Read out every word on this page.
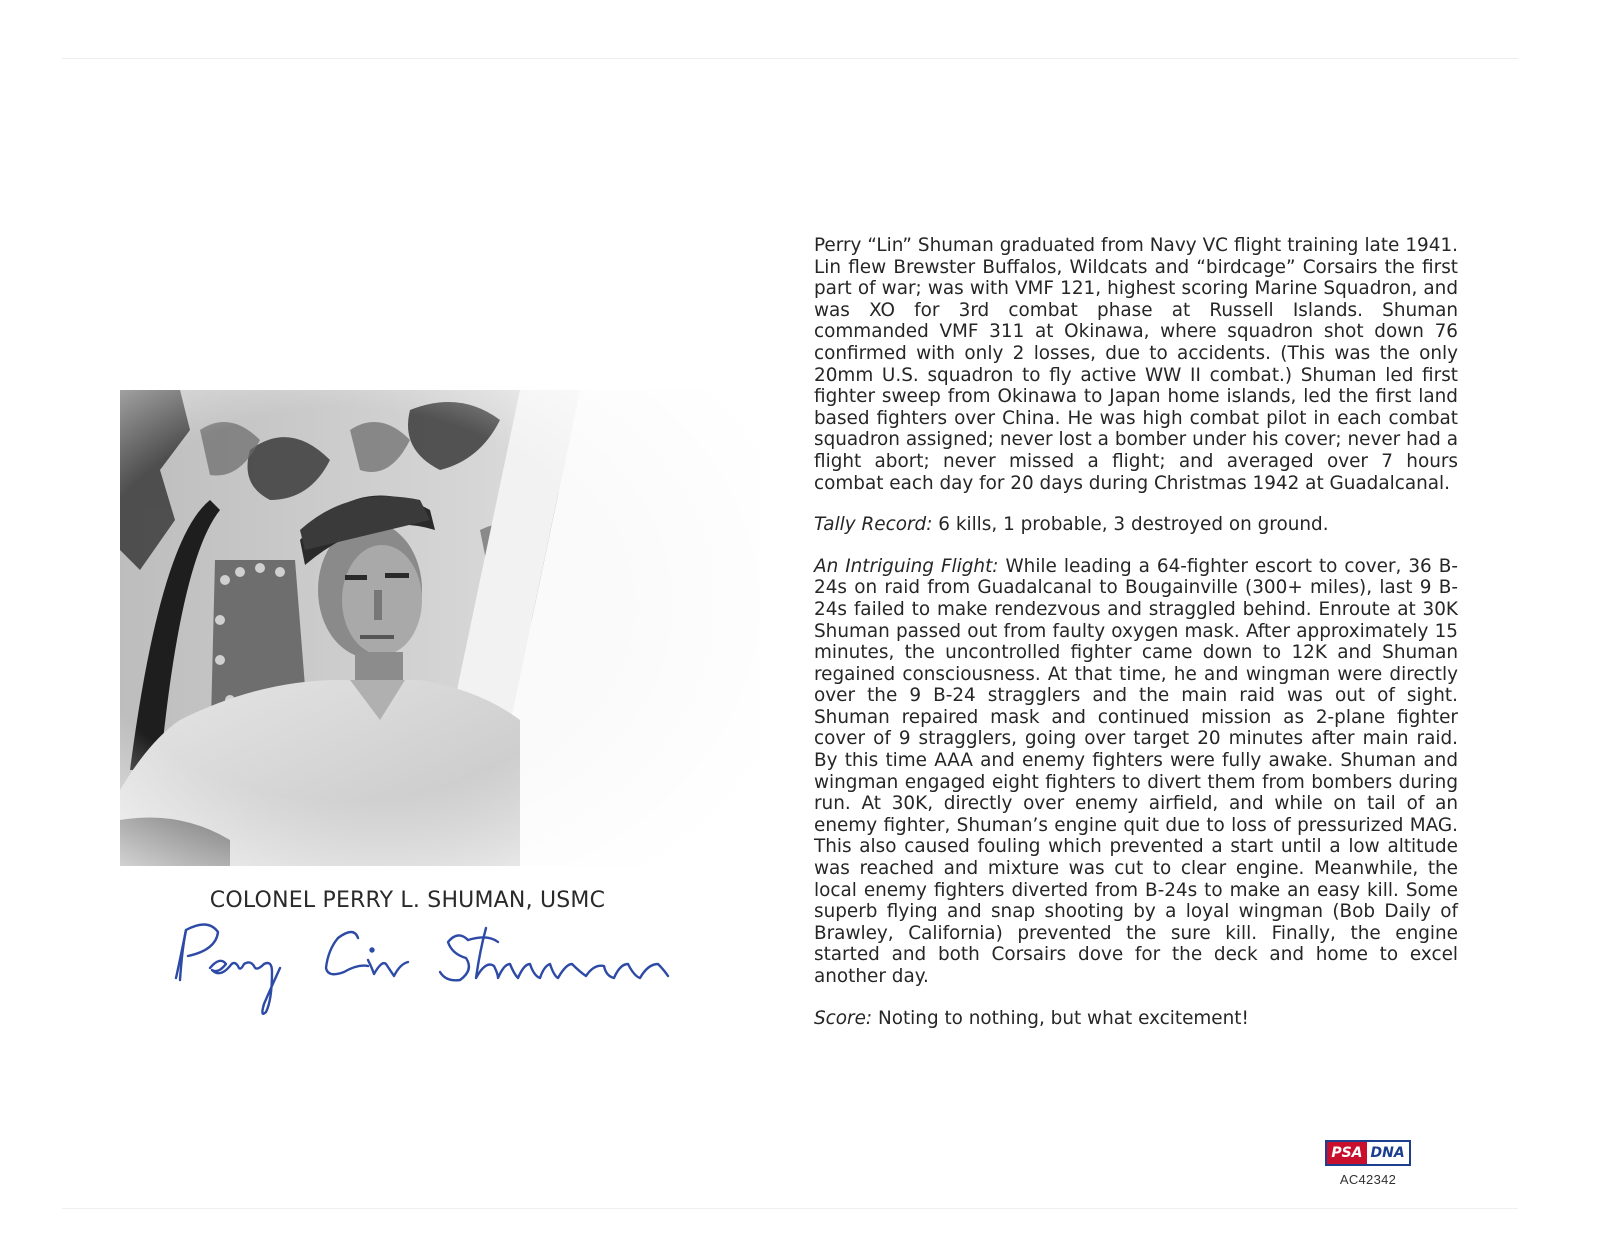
COLONEL PERRY L. SHUMAN, USMC

Perry “Lin” Shuman graduated from Navy VC flight training late 1941. Lin flew Brewster Buffalos, Wildcats and “birdcage” Corsairs the first part of war; was with VMF 121, highest scoring Marine Squadron, and was XO for 3rd combat phase at Russell Islands. Shuman commanded VMF 311 at Okinawa, where squadron shot down 76 confirmed with only 2 losses, due to accidents. (This was the only 20mm U.S. squadron to fly active WW II combat.) Shuman led first fighter sweep from Okinawa to Japan home islands, led the first land based fighters over China. He was high combat pilot in each combat squadron assigned; never lost a bomber under his cover; never had a flight abort; never missed a flight; and averaged over 7 hours combat each day for 20 days during Christmas 1942 at Guadalcanal.

Tally Record: 6 kills, 1 probable, 3 destroyed on ground.

An Intriguing Flight: While leading a 64-fighter escort to cover, 36 B-24s on raid from Guadalcanal to Bougainville (300+ miles), last 9 B-24s failed to make rendezvous and straggled behind. Enroute at 30K Shuman passed out from faulty oxygen mask. After approximately 15 minutes, the uncontrolled fighter came down to 12K and Shuman regained consciousness. At that time, he and wingman were directly over the 9 B-24 stragglers and the main raid was out of sight. Shuman repaired mask and continued mission as 2-plane fighter cover of 9 stragglers, going over target 20 minutes after main raid. By this time AAA and enemy fighters were fully awake. Shuman and wingman engaged eight fighters to divert them from bombers during run. At 30K, directly over enemy airfield, and while on tail of an enemy fighter, Shuman’s engine quit due to loss of pressurized MAG. This also caused fouling which prevented a start until a low altitude was reached and mixture was cut to clear engine. Meanwhile, the local enemy fighters diverted from B-24s to make an easy kill. Some superb flying and snap shooting by a loyal wingman (Bob Daily of Brawley, California) prevented the sure kill. Finally, the engine started and both Corsairs dove for the deck and home to excel another day.

Score: Noting to nothing, but what excitement!

PSA DNA
AC42342
